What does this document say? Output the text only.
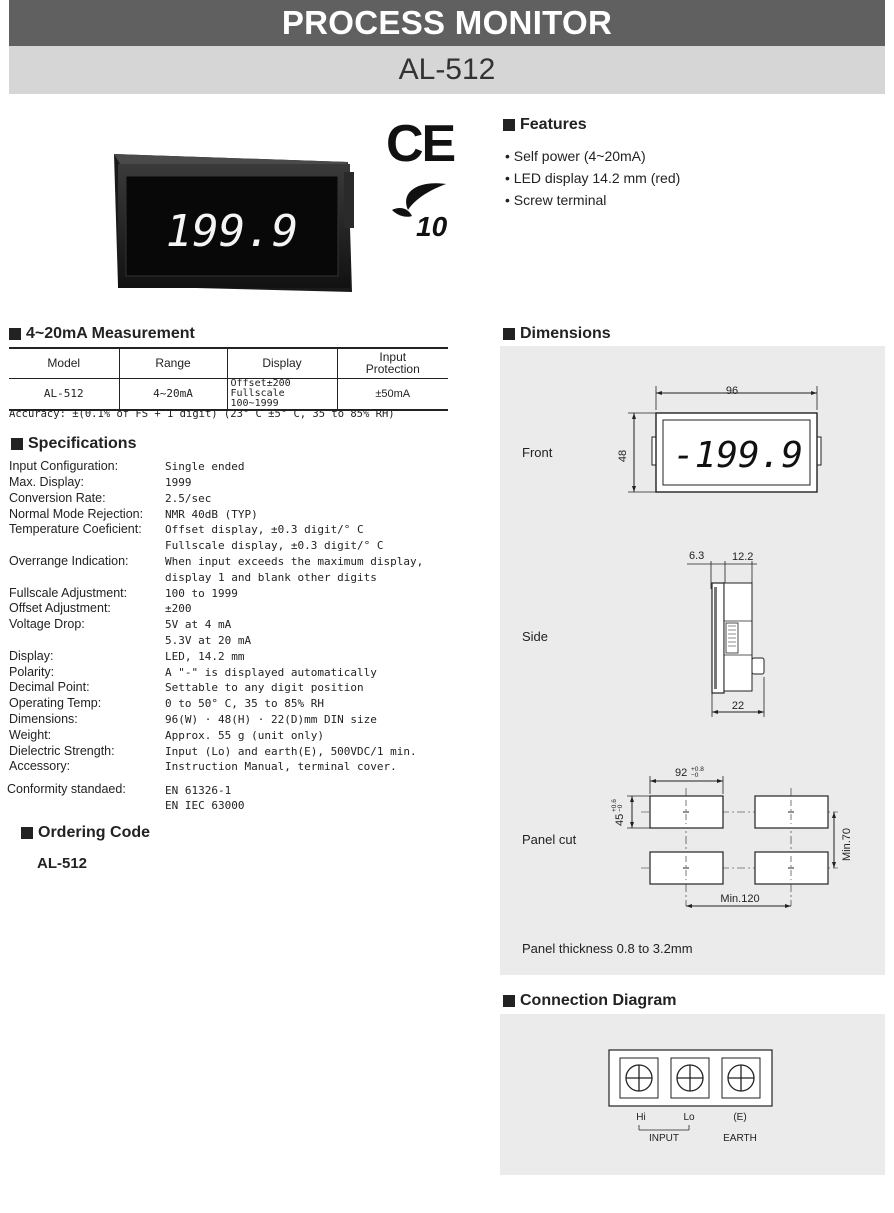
PROCESS MONITOR
AL-512
199.9
CE
10
Features
• Self power (4~20mA)
• LED display 14.2 mm (red)
• Screw terminal
4~20mA Measurement
Model	Range	Display	Input
Protection

AL-512	4~20mA	Offset±200
Fullscale 100~1999	±50mA
Accuracy: ±(0.1% of FS + 1 digit) (23° C ±5° C, 35 to 85% RH)
Specifications
Input Configuration:	Single ended
Max. Display:	1999
Conversion Rate:	2.5/sec
Normal Mode Rejection: NMR 40dB (TYP)
Temperature Coeficient: Offset display, ±0.3 digit/° C
Fullscale display, ±0.3 digit/° C
Overrange Indication:	When input exceeds the maximum display,
display 1 and blank other digits
Fullscale Adjustment:	100 to 1999
Offset Adjustment:	±200
Voltage Drop:	5V at 4 mA
5.3V at 20 mA
Display:	LED, 14.2 mm
Polarity:	A "-" is displayed automatically
Decimal Point:	Settable to any digit position
Operating Temp:	0 to 50° C, 35 to 85% RH
Dimensions:	96(W) · 48(H) · 22(D)mm DIN size
Weight:	Approx. 55 g (unit only)
Dielectric Strength:	Input (Lo) and earth(E), 500VDC/1 min.
Accessory:	Instruction Manual, terminal cover.
Conformity standaed:	EN 61326-1
EN IEC 63000
Ordering Code
AL-512
Dimensions
Front
Side
Panel cut
Panel thickness 0.8 to 3.2mm
96
48 -199.9
6.3	12.2
22
92 +0.8
−0
45
+0.6 −0
Min.70
Min.120
Connection Diagram
Hi	Lo	(E)
INPUT	EARTH
